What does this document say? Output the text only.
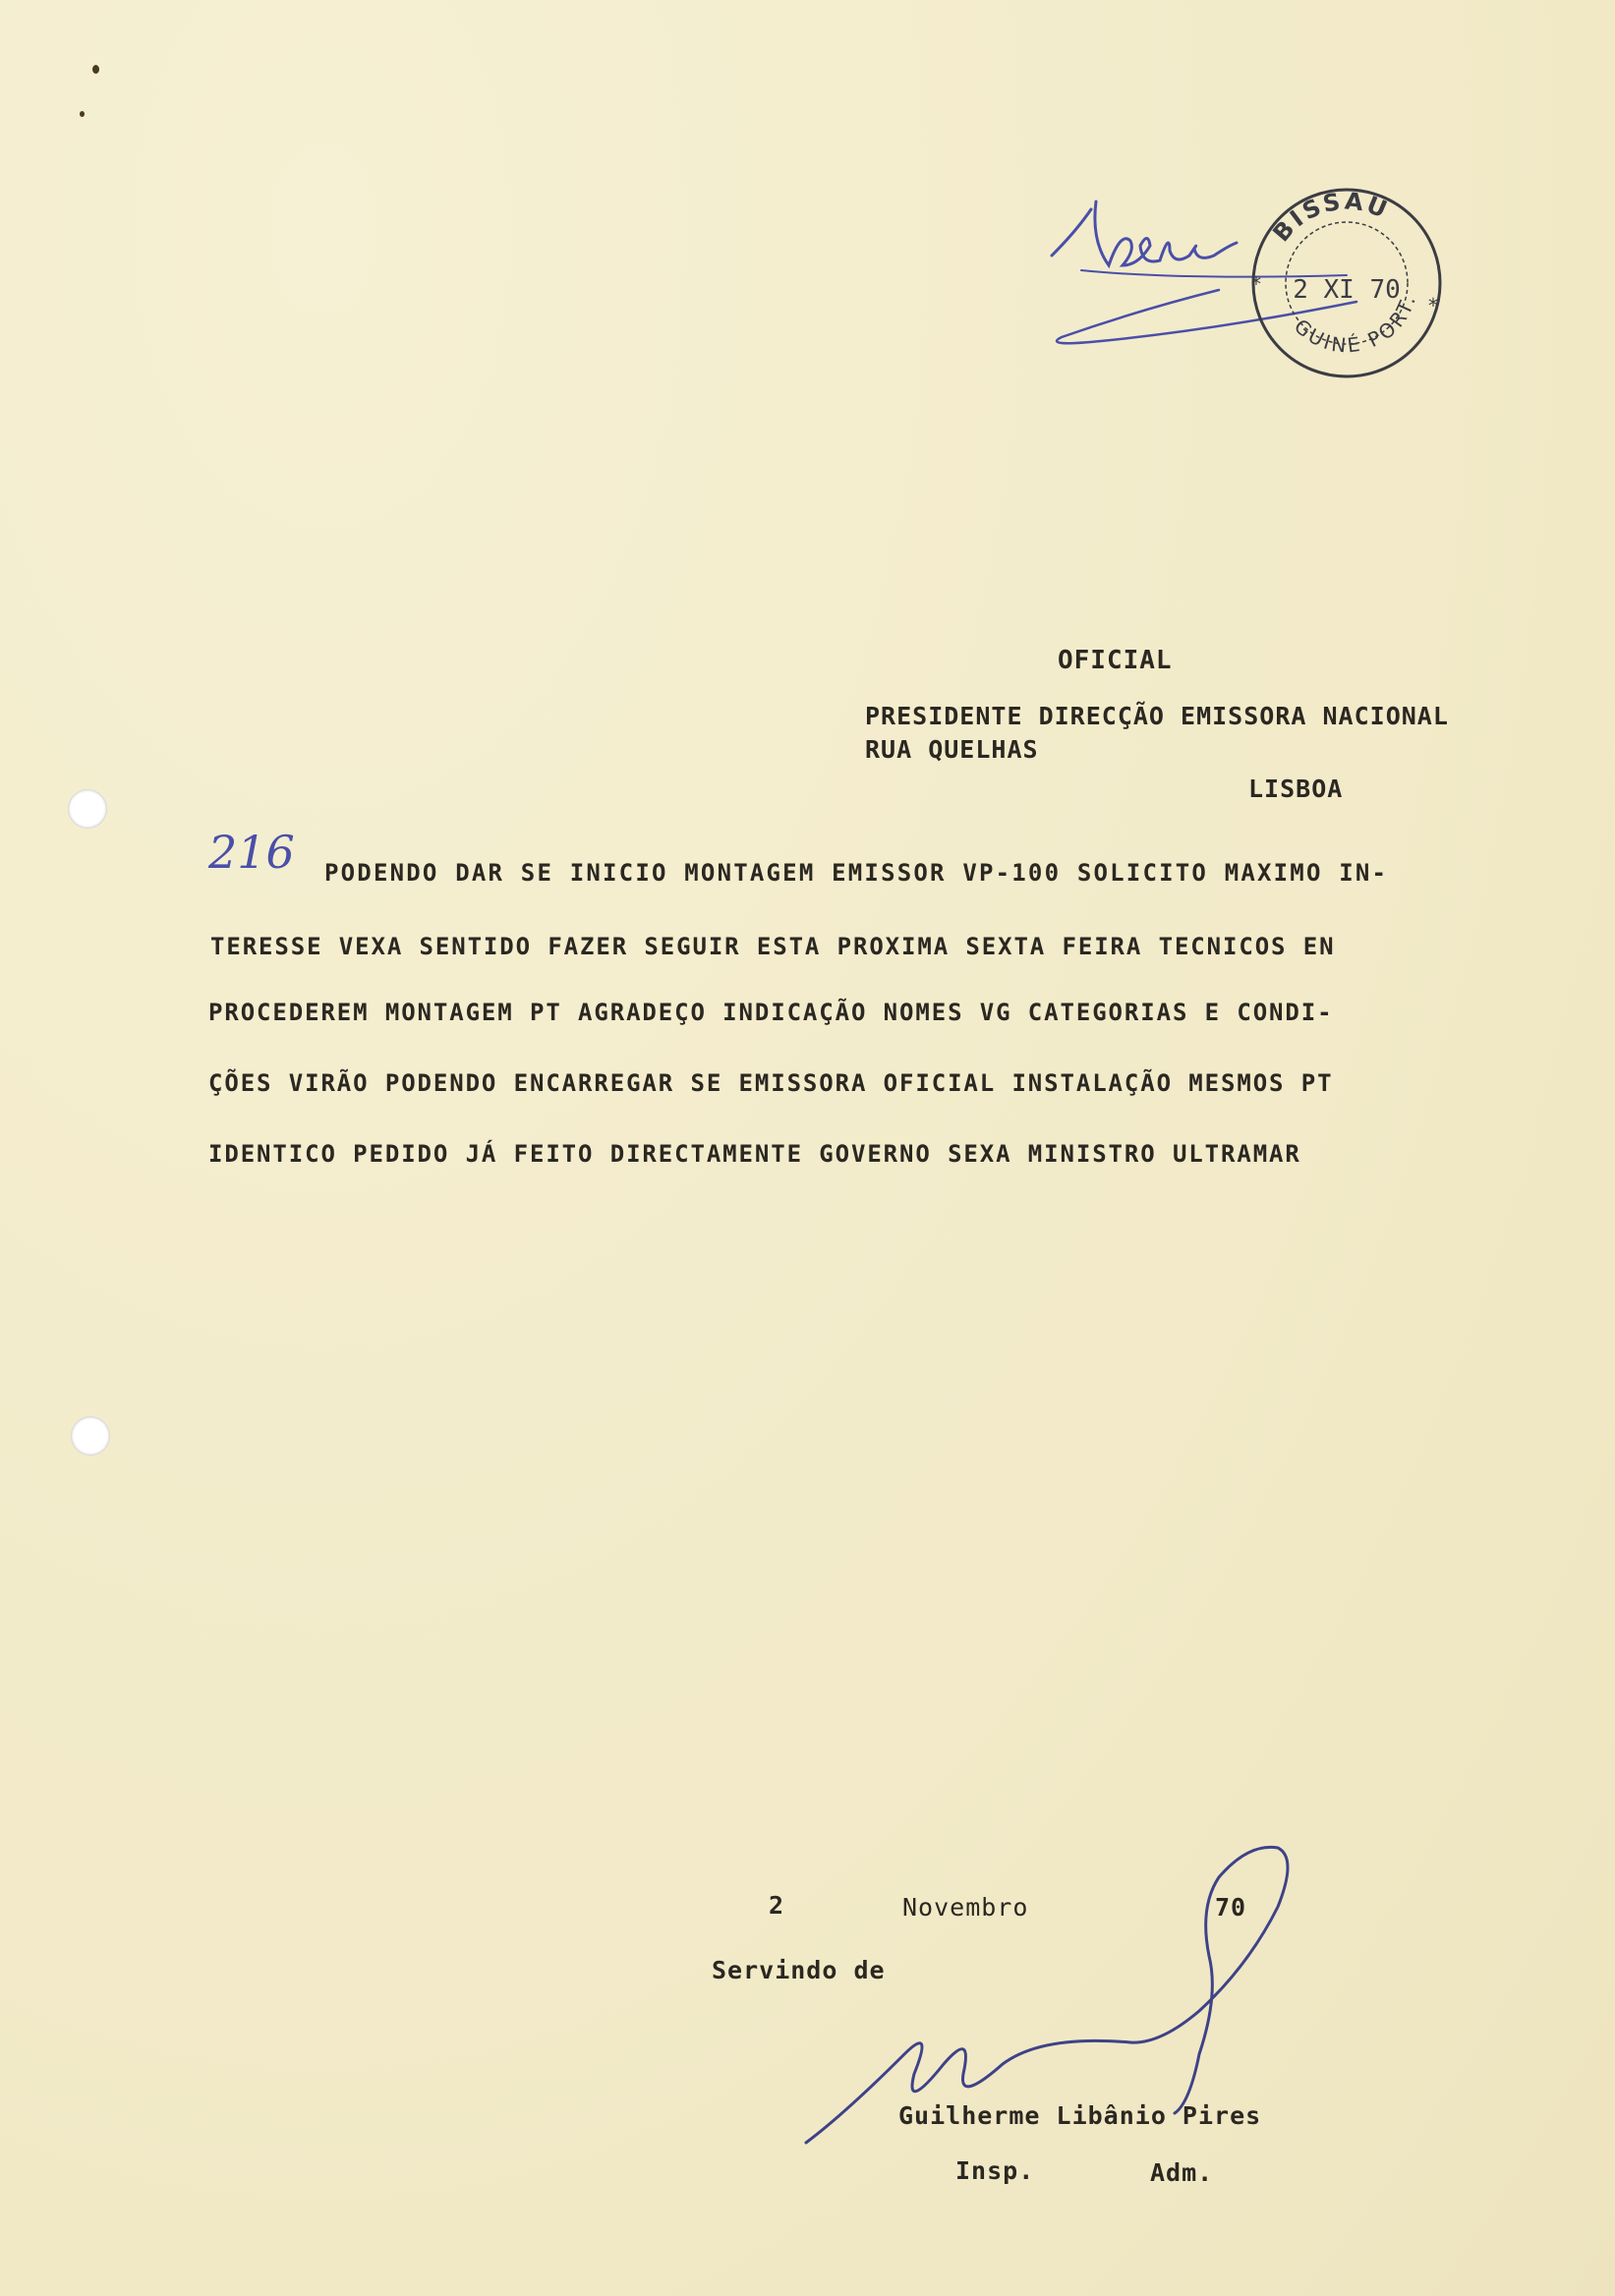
BISSAU
2 XI 70
GUINÉ PORT.
*
*
OFICIAL
PRESIDENTE DIRECÇÃO EMISSORA NACIONAL
RUA QUELHAS
LISBOA
216 PODENDO DAR SE INICIO MONTAGEM EMISSOR VP-100 SOLICITO MAXIMO IN-
TERESSE VEXA SENTIDO FAZER SEGUIR ESTA PROXIMA SEXTA FEIRA TECNICOS EN
PROCEDEREM MONTAGEM PT AGRADEÇO INDICAÇÃO NOMES VG CATEGORIAS E CONDI-
ÇÕES VIRÃO PODENDO ENCARREGAR SE EMISSORA OFICIAL INSTALAÇÃO MESMOS PT
IDENTICO PEDIDO JÁ FEITO DIRECTAMENTE GOVERNO SEXA MINISTRO ULTRAMAR
2	Novembro	70
Servindo de
Guilherme Libânio Pires
Insp.	Adm.
